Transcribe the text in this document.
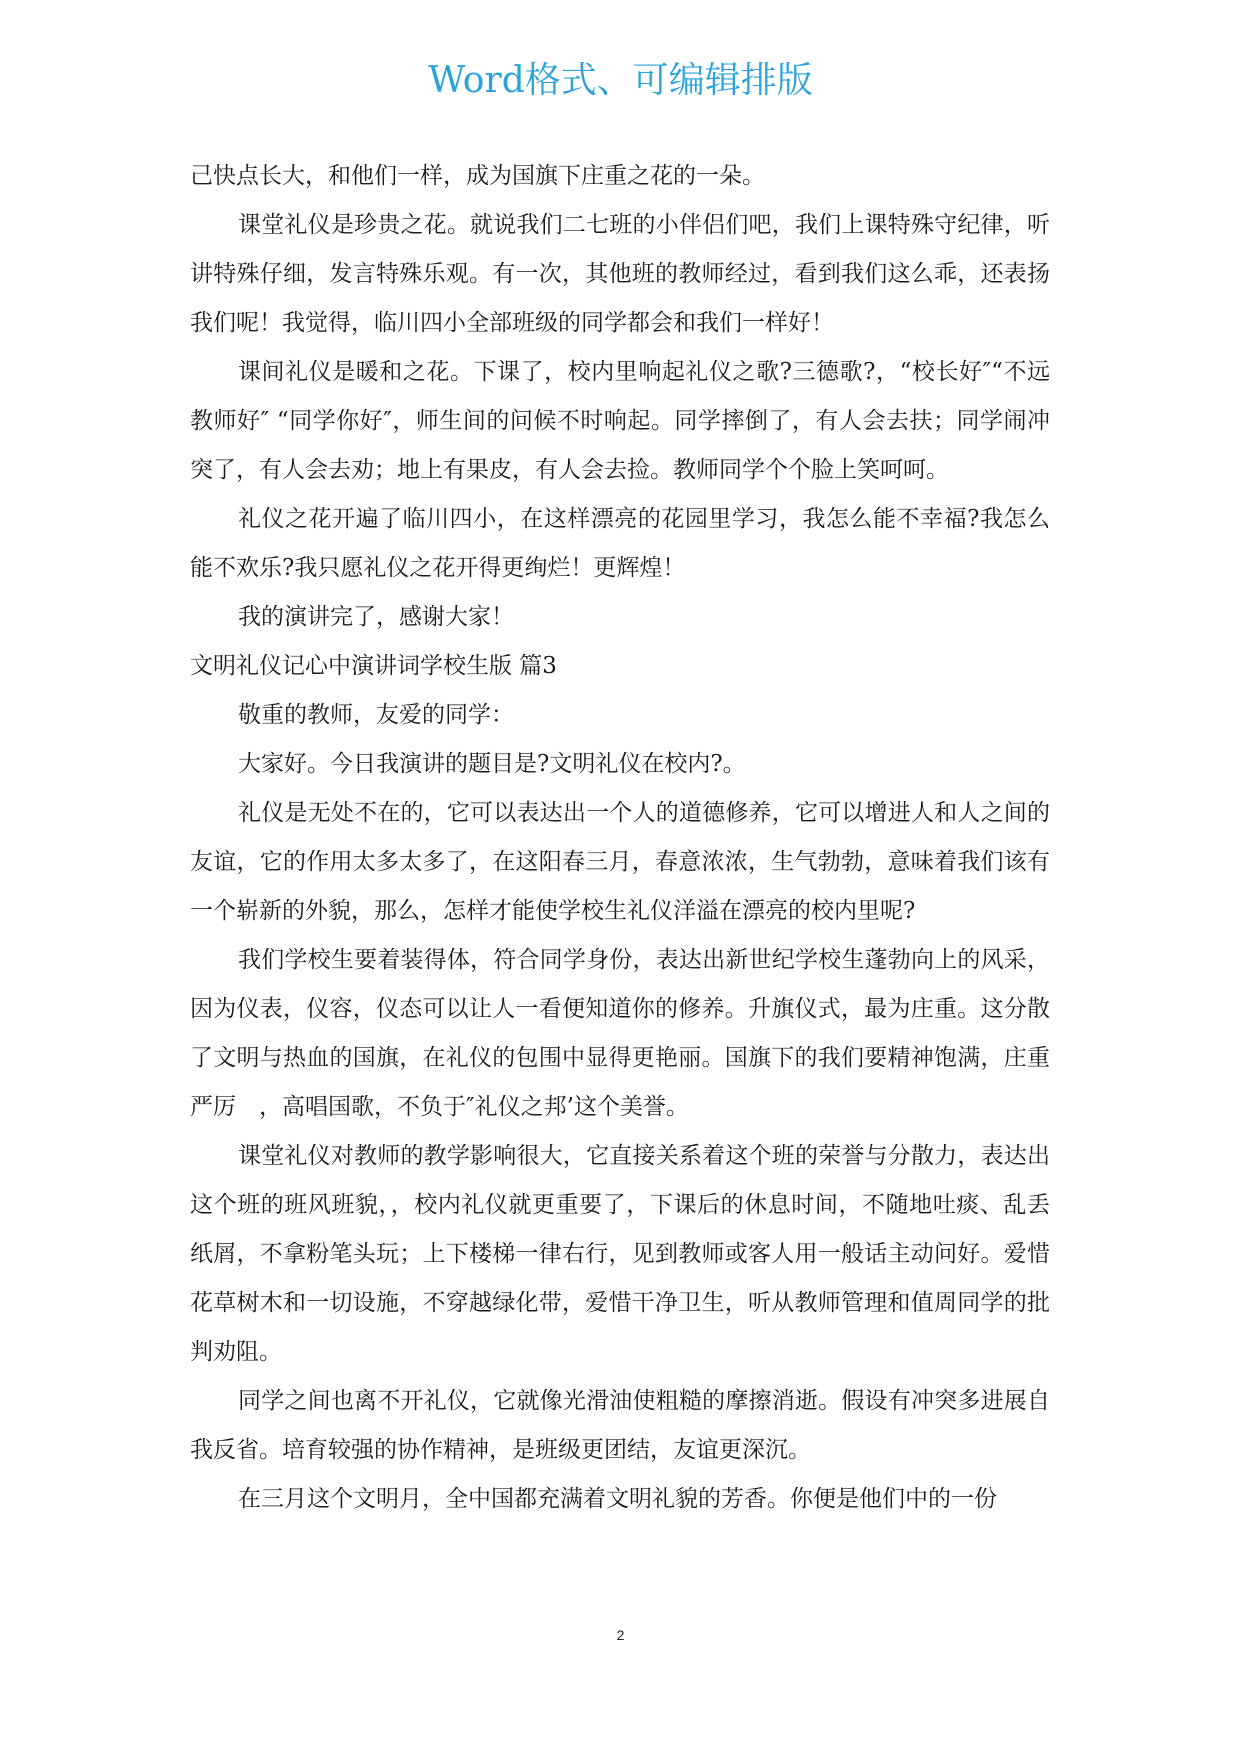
Word格式、可编辑排版

己快点长大，和他们一样，成为国旗下庄重之花的一朵。

课堂礼仪是珍贵之花。就说我们二七班的小伴侣们吧，我们上课特殊守纪律，听讲特殊仔细，发言特殊乐观。有一次，其他班的教师经过，看到我们这么乖，还表扬我们呢！我觉得，临川四小全部班级的同学都会和我们一样好！

课间礼仪是暖和之花。下课了，校内里响起礼仪之歌?三德歌?，“校长好″“不远教师好″ “同学你好″，师生间的问候不时响起。同学摔倒了，有人会去扶；同学闹冲突了，有人会去劝；地上有果皮，有人会去捡。教师同学个个脸上笑呵呵。

礼仪之花开遍了临川四小，在这样漂亮的花园里学习，我怎么能不幸福?我怎么能不欢乐?我只愿礼仪之花开得更绚烂！更辉煌！

我的演讲完了，感谢大家！

文明礼仪记心中演讲词学校生版 篇3

敬重的教师，友爱的同学：

大家好。今日我演讲的题目是?文明礼仪在校内?。

礼仪是无处不在的，它可以表达出一个人的道德修养，它可以增进人和人之间的友谊，它的作用太多太多了，在这阳春三月，春意浓浓，生气勃勃，意味着我们该有一个崭新的外貌，那么，怎样才能使学校生礼仪洋溢在漂亮的校内里呢?

我们学校生要着装得体，符合同学身份，表达出新世纪学校生蓬勃向上的风采，因为仪表，仪容，仪态可以让人一看便知道你的修养。升旗仪式，最为庄重。这分散了文明与热血的国旗，在礼仪的包围中显得更艳丽。国旗下的我们要精神饱满，庄重严厉　，高唱国歌，不负于″礼仪之邦’这个美誉。

课堂礼仪对教师的教学影响很大，它直接关系着这个班的荣誉与分散力，表达出这个班的班风班貌，，校内礼仪就更重要了，下课后的休息时间，不随地吐痰、乱丢纸屑，不拿粉笔头玩；上下楼梯一律右行，见到教师或客人用一般话主动问好。爱惜花草树木和一切设施，不穿越绿化带，爱惜干净卫生，听从教师管理和值周同学的批判劝阻。

同学之间也离不开礼仪，它就像光滑油使粗糙的摩擦消逝。假设有冲突多进展自我反省。培育较强的协作精神，是班级更团结，友谊更深沉。

在三月这个文明月，全中国都充满着文明礼貌的芳香。你便是他们中的一份

2
